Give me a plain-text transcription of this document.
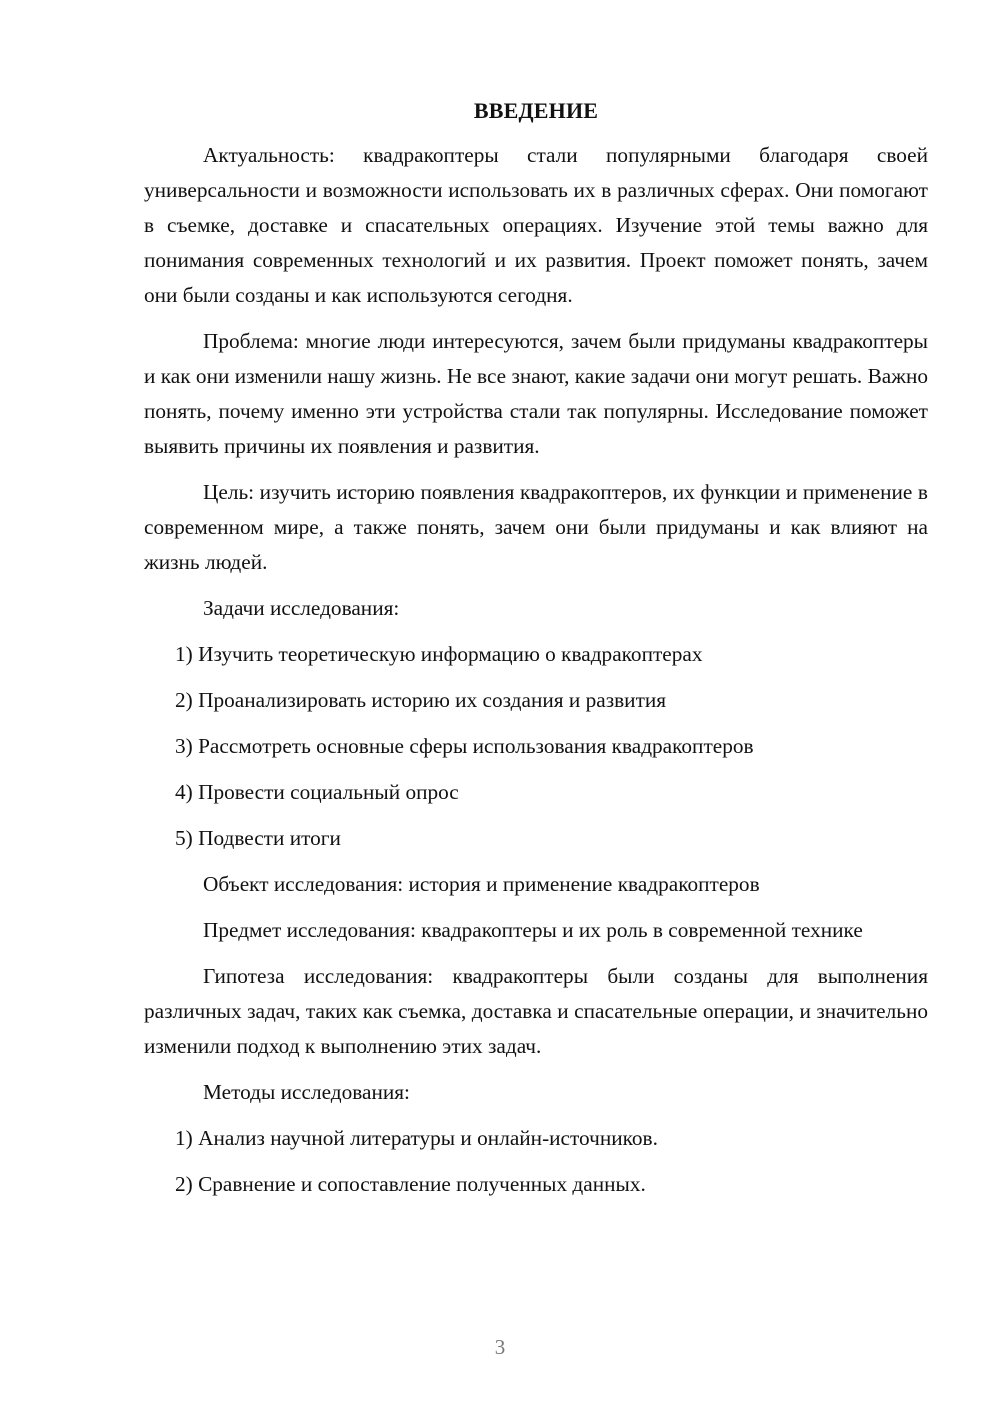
ВВЕДЕНИЕ

Актуальность: квадракоптеры стали популярными благодаря своей универсальности и возможности использовать их в различных сферах. Они помогают в съемке, доставке и спасательных операциях. Изучение этой темы важно для понимания современных технологий и их развития. Проект поможет понять, зачем они были созданы и как используются сегодня.

Проблема: многие люди интересуются, зачем были придуманы квадракоптеры и как они изменили нашу жизнь. Не все знают, какие задачи они могут решать. Важно понять, почему именно эти устройства стали так популярны. Исследование поможет выявить причины их появления и развития.

Цель: изучить историю появления квадракоптеров, их функции и применение в современном мире, а также понять, зачем они были придуманы и как влияют на жизнь людей.

Задачи исследования:
1) Изучить теоретическую информацию о квадракоптерах
2) Проанализировать историю их создания и развития
3) Рассмотреть основные сферы использования квадракоптеров
4) Провести социальный опрос
5) Подвести итоги
Объект исследования: история и применение квадракоптеров

Предмет исследования: квадракоптеры и их роль в современной технике

Гипотеза исследования: квадракоптеры были созданы для выполнения различных задач, таких как съемка, доставка и спасательные операции, и значительно изменили подход к выполнению этих задач.

Методы исследования:
1) Анализ научной литературы и онлайн-источников.
2) Сравнение и сопоставление полученных данных.
3
